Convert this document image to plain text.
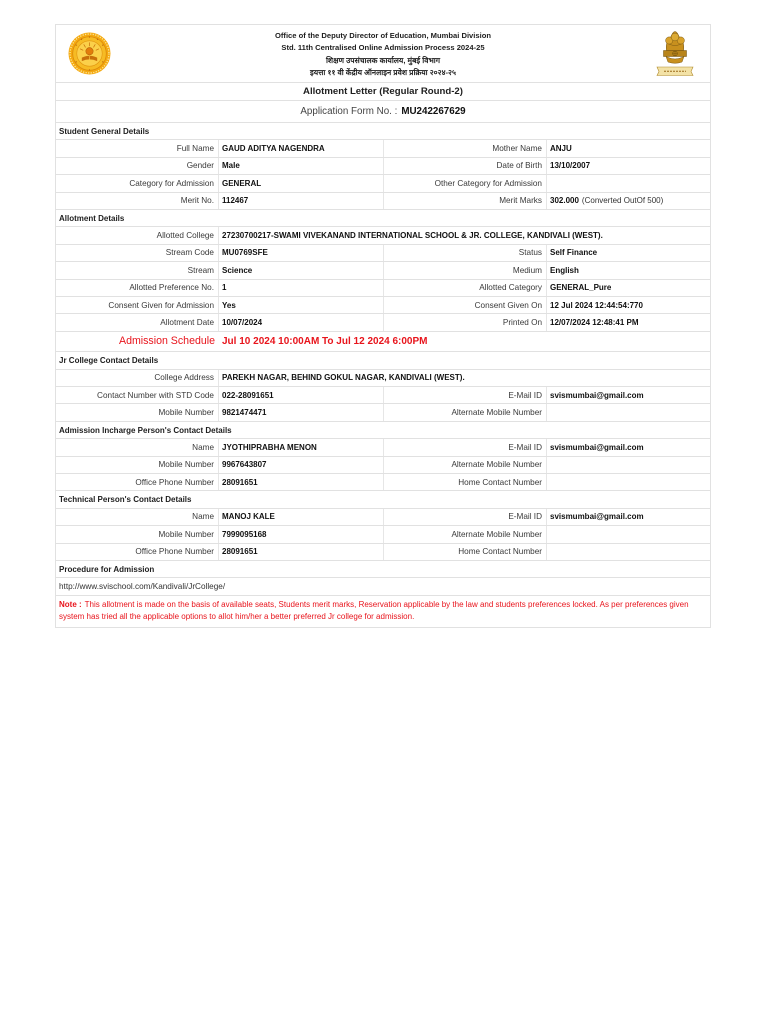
Office of the Deputy Director of Education, Mumbai Division
Std. 11th Centralised Online Admission Process 2024-25
शिक्षण उपसंचालक कार्यालय, मुंबई विभाग
इयत्ता ११ वी केंद्रीय ऑनलाइन प्रवेश प्रक्रिया २०२४-२५
Allotment Letter (Regular Round-2)
Application Form No. : MU242267629
Student General Details
Full Name	GAUD ADITYA NAGENDRA	Mother Name	ANJU
Gender	Male	Date of Birth	13/10/2007
Category for Admission	GENERAL	Other Category for Admission
Merit No.	112467	Merit Marks	302.000 (Converted OutOf 500)
Allotment Details
Allotted College	27230700217-SWAMI VIVEKANAND INTERNATIONAL SCHOOL & JR. COLLEGE, KANDIVALI (WEST).
Stream Code	MU0769SFE	Status	Self Finance
Stream	Science	Medium	English
Allotted Preference No.	1	Allotted Category	GENERAL_Pure
Consent Given for Admission	Yes	Consent Given On	12 Jul 2024 12:44:54:770
Allotment Date	10/07/2024	Printed On	12/07/2024 12:48:41 PM
Admission Schedule Jul 10 2024 10:00AM To Jul 12 2024 6:00PM
Jr College Contact Details
College Address	PAREKH NAGAR, BEHIND GOKUL NAGAR, KANDIVALI (WEST).
Contact Number with STD Code	022-28091651	E-Mail ID	svismumbai@gmail.com
Mobile Number	9821474471	Alternate Mobile Number
Admission Incharge Person's Contact Details
Name	JYOTHIPRABHA MENON	E-Mail ID	svismumbai@gmail.com
Mobile Number	9967643807	Alternate Mobile Number
Office Phone Number	28091651	Home Contact Number
Technical Person's Contact Details
Name	MANOJ KALE	E-Mail ID	svismumbai@gmail.com
Mobile Number	7999095168	Alternate Mobile Number
Office Phone Number	28091651	Home Contact Number
Procedure for Admission
http://www.svischool.com/Kandivali/JrCollege/
Note : This allotment is made on the basis of available seats, Students merit marks, Reservation applicable by the law and students preferences locked. As per preferences given system has tried all the applicable options to allot him/her a better preferred Jr college for admission.
